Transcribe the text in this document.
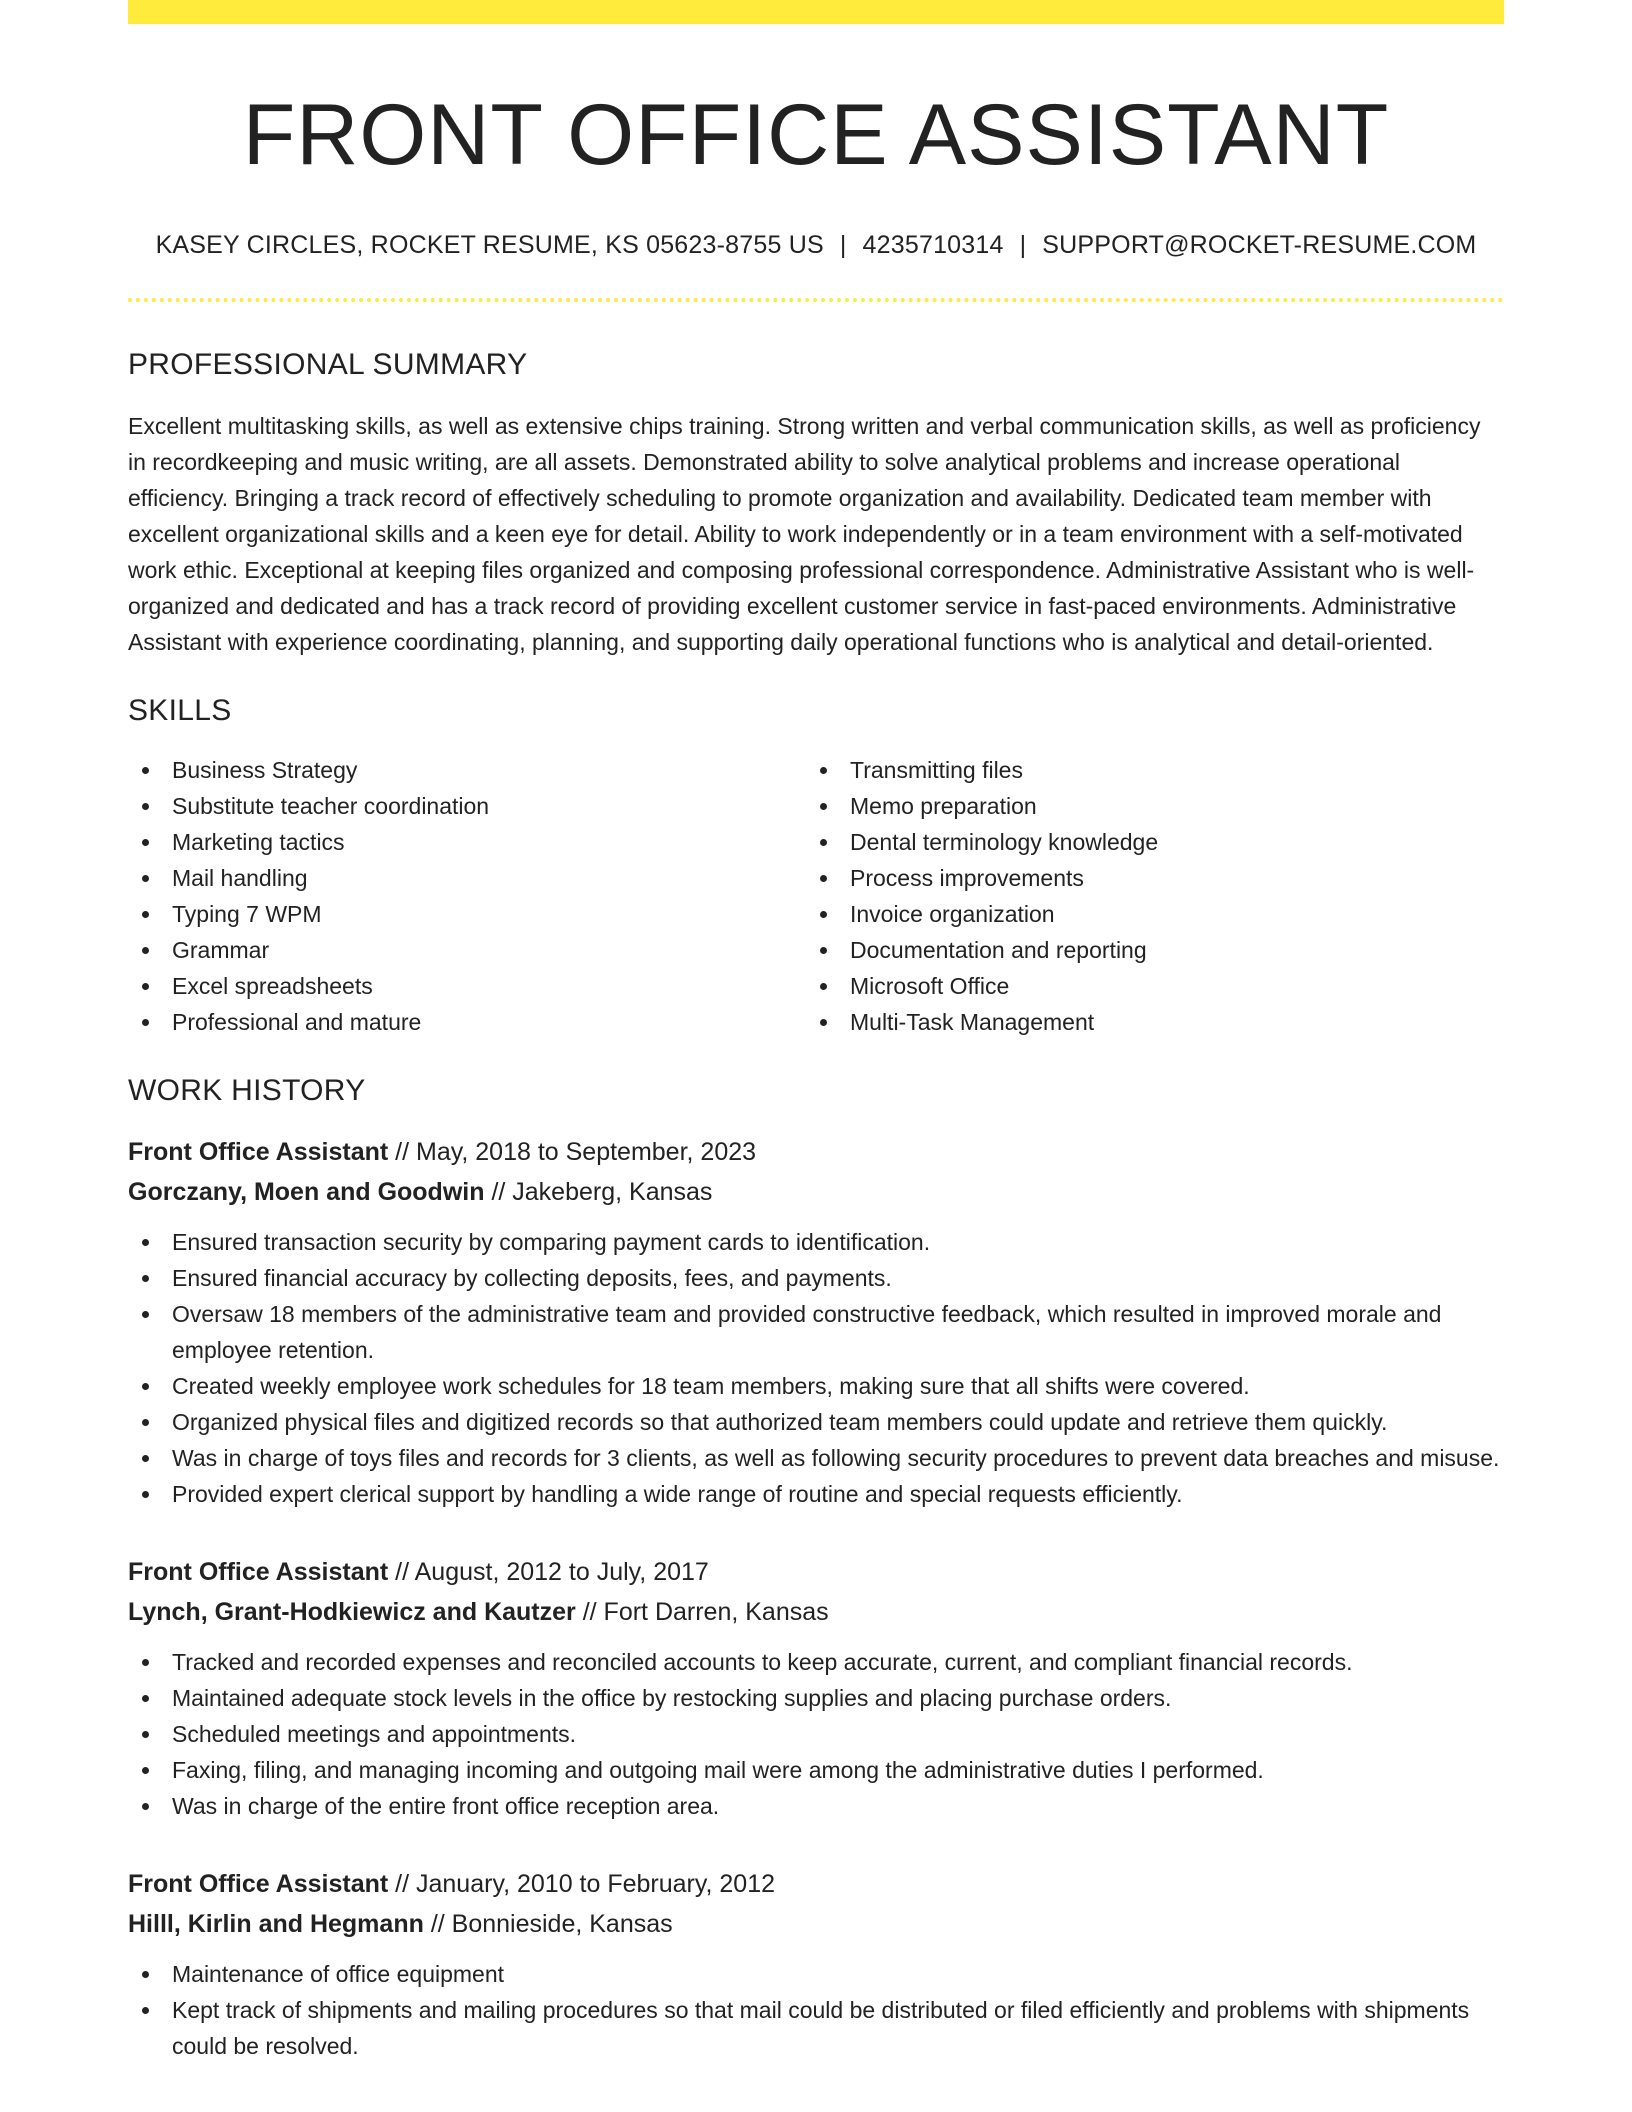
FRONT OFFICE ASSISTANT
KASEY CIRCLES, ROCKET RESUME, KS 05623-8755 US | 4235710314 | SUPPORT@ROCKET-RESUME.COM
PROFESSIONAL SUMMARY

Excellent multitasking skills, as well as extensive chips training. Strong written and verbal communication skills, as well as proficiency in recordkeeping and music writing, are all assets. Demonstrated ability to solve analytical problems and increase operational efficiency. Bringing a track record of effectively scheduling to promote organization and availability. Dedicated team member with excellent organizational skills and a keen eye for detail. Ability to work independently or in a team environment with a self-motivated work ethic. Exceptional at keeping files organized and composing professional correspondence. Administrative Assistant who is well-organized and dedicated and has a track record of providing excellent customer service in fast-paced environments. Administrative Assistant with experience coordinating, planning, and supporting daily operational functions who is analytical and detail-oriented.

SKILLS
Business Strategy
Substitute teacher coordination
Marketing tactics
Mail handling
Typing 7 WPM
Grammar
Excel spreadsheets
Professional and mature
Transmitting files
Memo preparation
Dental terminology knowledge
Process improvements
Invoice organization
Documentation and reporting
Microsoft Office
Multi-Task Management
WORK HISTORY
Front Office Assistant // May, 2018 to September, 2023
Gorczany, Moen and Goodwin // Jakeberg, Kansas
Ensured transaction security by comparing payment cards to identification.
Ensured financial accuracy by collecting deposits, fees, and payments.
Oversaw 18 members of the administrative team and provided constructive feedback, which resulted in improved morale and employee retention.
Created weekly employee work schedules for 18 team members, making sure that all shifts were covered.
Organized physical files and digitized records so that authorized team members could update and retrieve them quickly.
Was in charge of toys files and records for 3 clients, as well as following security procedures to prevent data breaches and misuse.
Provided expert clerical support by handling a wide range of routine and special requests efficiently.
Front Office Assistant // August, 2012 to July, 2017
Lynch, Grant-Hodkiewicz and Kautzer // Fort Darren, Kansas
Tracked and recorded expenses and reconciled accounts to keep accurate, current, and compliant financial records.
Maintained adequate stock levels in the office by restocking supplies and placing purchase orders.
Scheduled meetings and appointments.
Faxing, filing, and managing incoming and outgoing mail were among the administrative duties I performed.
Was in charge of the entire front office reception area.
Front Office Assistant // January, 2010 to February, 2012
Hilll, Kirlin and Hegmann // Bonnieside, Kansas
Maintenance of office equipment
Kept track of shipments and mailing procedures so that mail could be distributed or filed efficiently and problems with shipments could be resolved.
